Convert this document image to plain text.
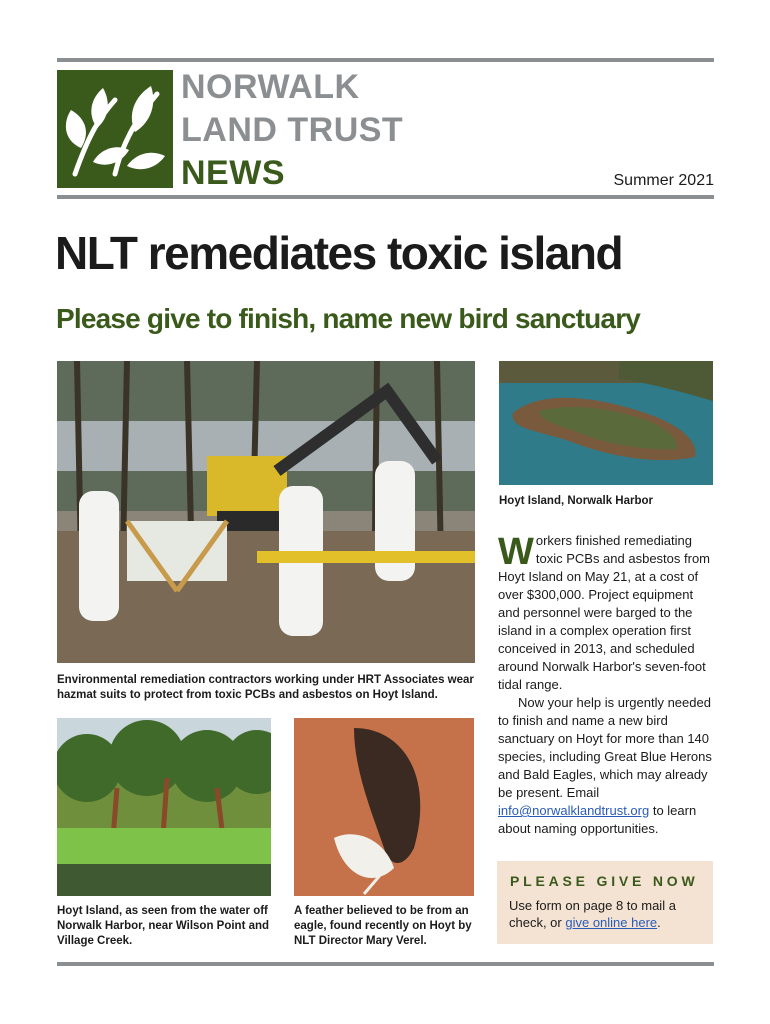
NORWALK
LAND TRUST
NEWS	Summer 2021
NLT remediates toxic island
Please give to finish, name new bird sanctuary
Environmental remediation contractors working under HRT Associates wear hazmat suits to protect from toxic PCBs and asbestos on Hoyt Island.
Hoyt Island, Norwalk Harbor

Workers finished remediating toxic PCBs and asbestos from Hoyt Island on May 21, at a cost of over $300,000. Project equipment and personnel were barged to the island in a complex operation first conceived in 2013, and scheduled around Norwalk Harbor's seven-foot tidal range.

Now your help is urgently needed to finish and name a new bird sanctuary on Hoyt for more than 140 species, including Great Blue Herons and Bald Eagles, which may already be present. Email info@norwalklandtrust.org to learn about naming opportunities.

Hoyt Island, as seen from the water off Norwalk Harbor, near Wilson Point and Village Creek.
A feather believed to be from an eagle, found recently on Hoyt by NLT Director Mary Verel.
PLEASE GIVE NOW
Use form on page 8 to mail a check, or give online here.
